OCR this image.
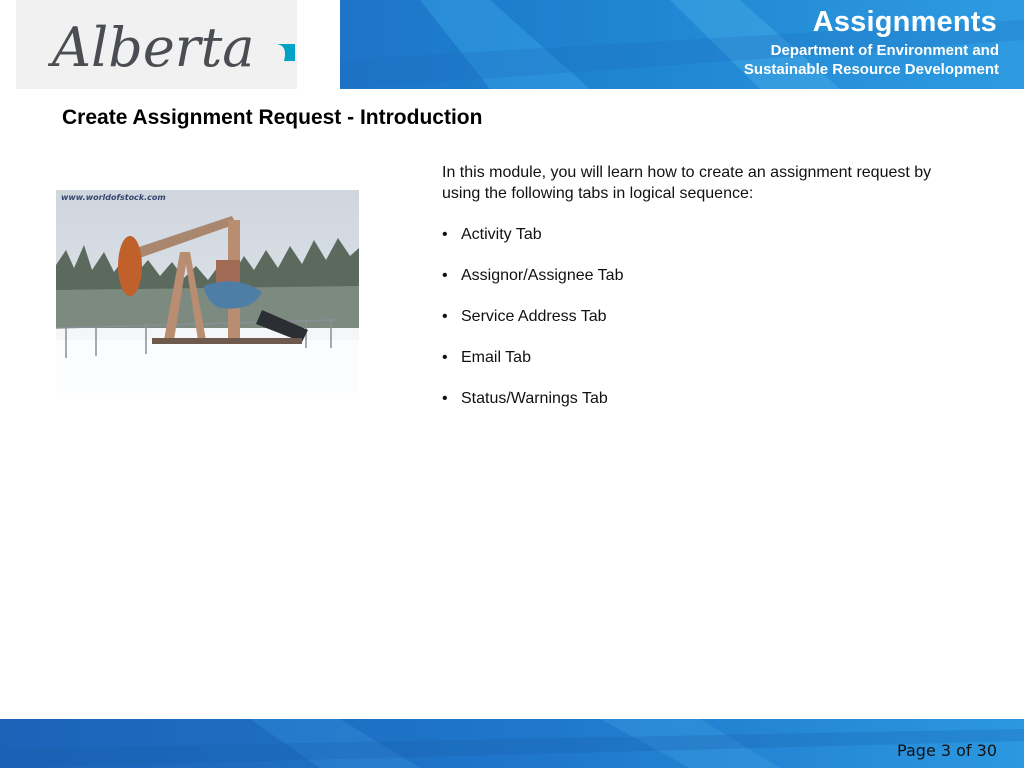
Alberta	Assignments
Department of Environment and
Sustainable Resource Development
Create Assignment Request - Introduction
www.worldofstock.com

In this module, you will learn how to create an assignment request by using the following tabs in logical sequence:

• Activity Tab
• Assignor/Assignee Tab
• Service Address Tab
• Email Tab
• Status/Warnings Tab
Page 3 of 30
